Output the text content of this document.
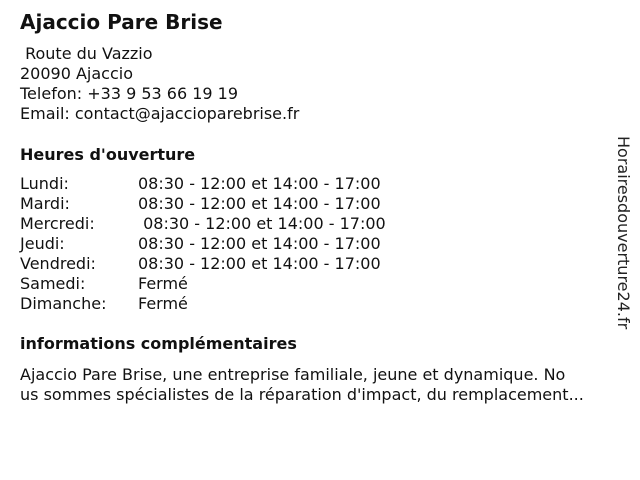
Ajaccio Pare Brise
Route du Vazzio
20090 Ajaccio
Telefon: +33 9 53 66 19 19
Email: contact@ajaccioparebrise.fr
Heures d'ouverture
Lundi:	08:30 - 12:00 et 14:00 - 17:00
Mardi:	08:30 - 12:00 et 14:00 - 17:00
Mercredi:	08:30 - 12:00 et 14:00 - 17:00
Jeudi:	08:30 - 12:00 et 14:00 - 17:00
Vendredi:	08:30 - 12:00 et 14:00 - 17:00
Samedi:	Fermé
Dimanche: Fermé
informations complémentaires
Ajaccio Pare Brise, une entreprise familiale, jeune et dynamique. No
us sommes spécialistes de la réparation d'impact, du remplacement...
Horairesdouverture24.fr
